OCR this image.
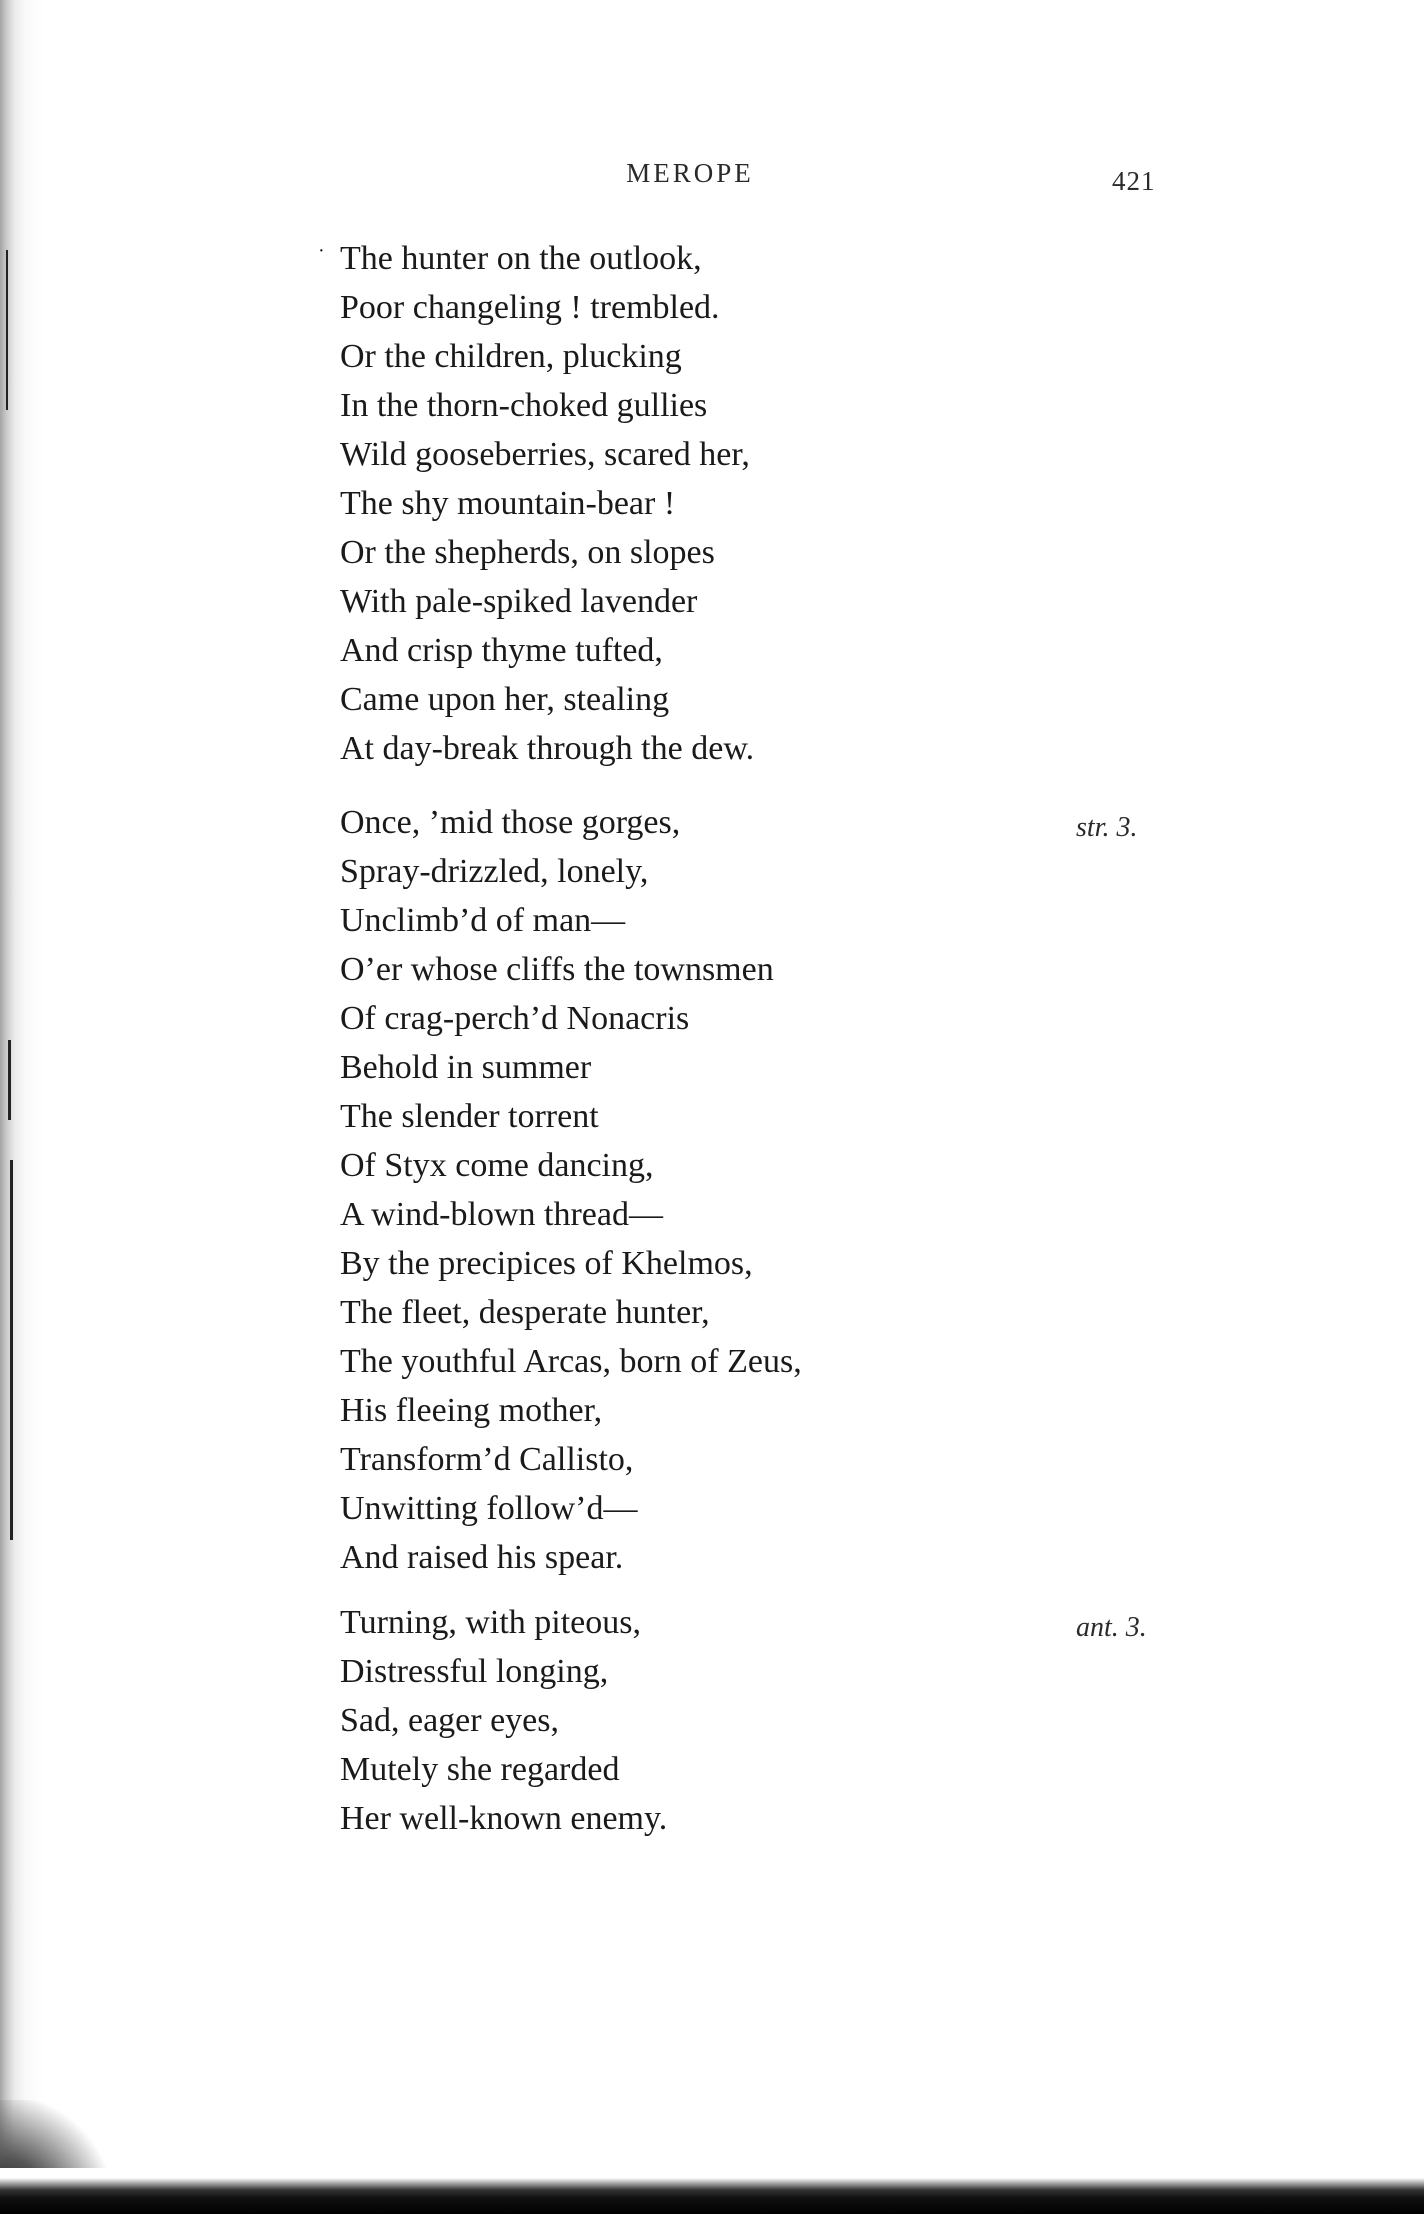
MEROPE	421
· The hunter on the outlook,
Poor changeling ! trembled.
Or the children, plucking
In the thorn-choked gullies
Wild gooseberries, scared her,
The shy mountain-bear !
Or the shepherds, on slopes
With pale-spiked lavender
And crisp thyme tufted,
Came upon her, stealing
At day-break through the dew.
str. 3.
Once, ’mid those gorges,
Spray-drizzled, lonely,
Unclimb’d of man—
O’er whose cliffs the townsmen
Of crag-perch’d Nonacris
Behold in summer
The slender torrent
Of Styx come dancing,
A wind-blown thread—
By the precipices of Khelmos,
The fleet, desperate hunter,
The youthful Arcas, born of Zeus,
His fleeing mother,
Transform’d Callisto,
Unwitting follow’d—
And raised his spear.
ant. 3.
Turning, with piteous,
Distressful longing,
Sad, eager eyes,
Mutely she regarded
Her well-known enemy.
